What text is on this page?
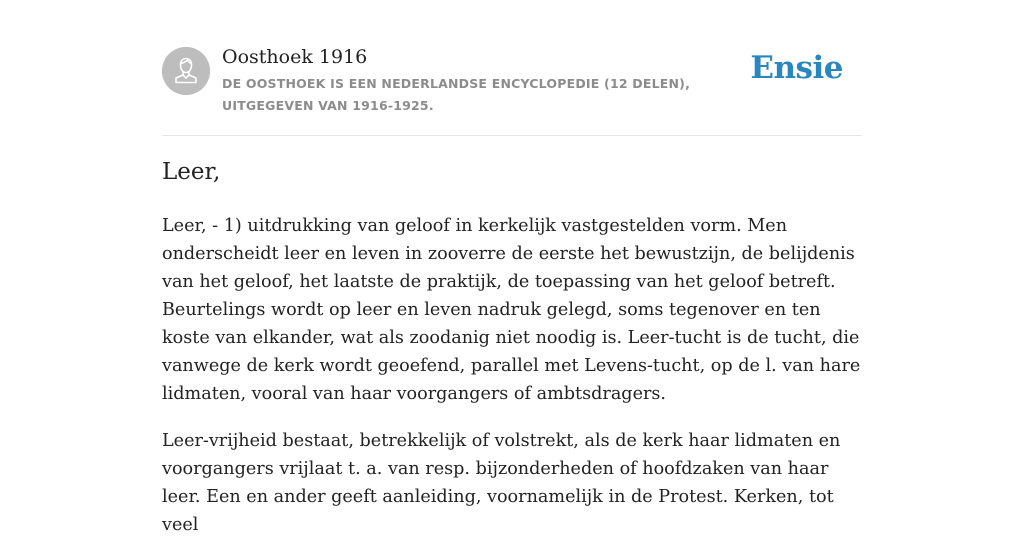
Oosthoek 1916
DE OOSTHOEK IS EEN NEDERLANDSE ENCYCLOPEDIE (12 DELEN), UITGEGEVEN VAN 1916-1925.
Ensie
Leer,

Leer, - 1) uitdrukking van geloof in kerkelijk vastgestelden vorm. Men onderscheidt leer en leven in zooverre de eerste het bewustzijn, de belijdenis van het geloof, het laatste de praktijk, de toepassing van het geloof betreft. Beurtelings wordt op leer en leven nadruk gelegd, soms tegenover en ten koste van elkander, wat als zoodanig niet noodig is. Leer-tucht is de tucht, die vanwege de kerk wordt geoefend, parallel met Levens-tucht, op de l. van hare lidmaten, vooral van haar voorgangers of ambtsdragers.

Leer-vrijheid bestaat, betrekkelijk of volstrekt, als de kerk haar lidmaten en voorgangers vrijlaat t. a. van resp. bijzonderheden of hoofdzaken van haar leer. Een en ander geeft aanleiding, voornamelijk in de Protest. Kerken, tot veel
